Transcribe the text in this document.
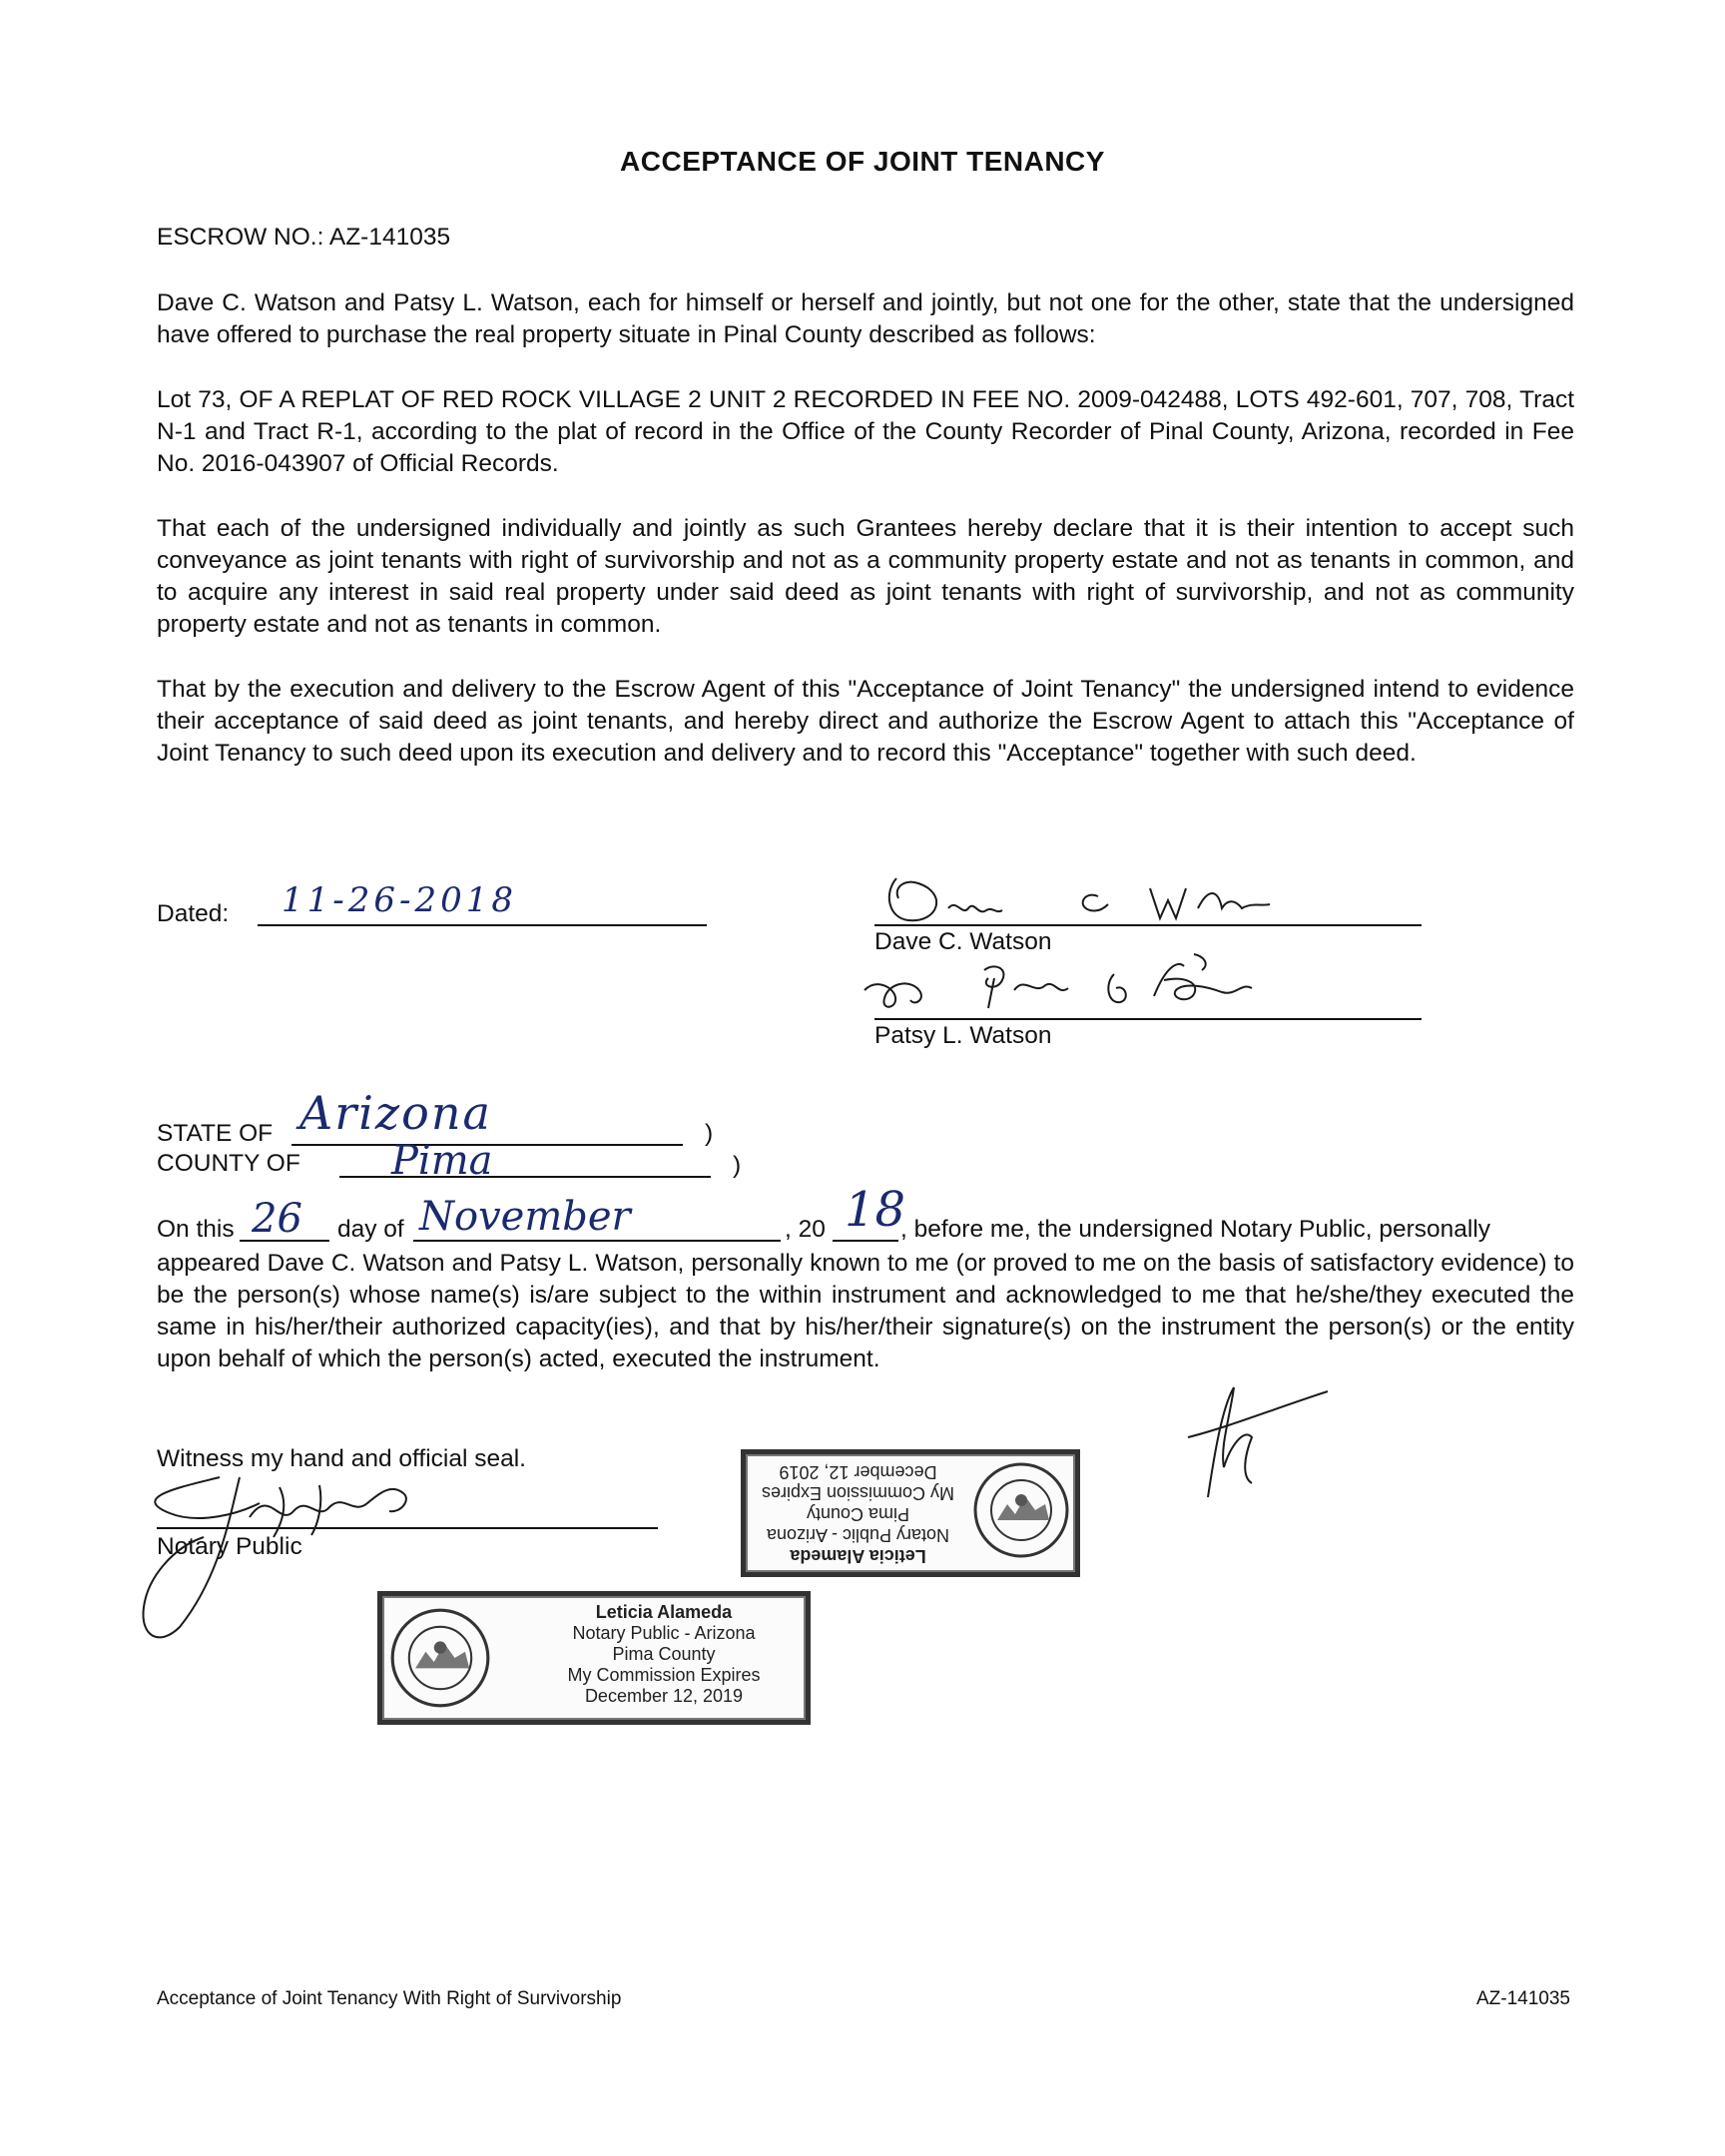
ACCEPTANCE OF JOINT TENANCY
ESCROW NO.: AZ-141035
Dave C. Watson and Patsy L. Watson, each for himself or herself and jointly, but not one for the other, state that the undersigned have offered to purchase the real property situate in Pinal County described as follows:
Lot 73, OF A REPLAT OF RED ROCK VILLAGE 2 UNIT 2 RECORDED IN FEE NO. 2009-042488, LOTS 492-601, 707, 708, Tract N-1 and Tract R-1, according to the plat of record in the Office of the County Recorder of Pinal County, Arizona, recorded in Fee No. 2016-043907 of Official Records.
That each of the undersigned individually and jointly as such Grantees hereby declare that it is their intention to accept such conveyance as joint tenants with right of survivorship and not as a community property estate and not as tenants in common, and to acquire any interest in said real property under said deed as joint tenants with right of survivorship, and not as community property estate and not as tenants in common.
That by the execution and delivery to the Escrow Agent of this "Acceptance of Joint Tenancy" the undersigned intend to evidence their acceptance of said deed as joint tenants, and hereby direct and authorize the Escrow Agent to attach this "Acceptance of Joint Tenancy to such deed upon its execution and delivery and to record this "Acceptance" together with such deed.
Dated: 11-26-2018
Dave C. Watson
Patsy L. Watson
STATE OF Arizona	)
COUNTY OF Pima	)
On this 26 day of November	, 20 18
, before me, the undersigned Notary Public, personally
appeared Dave C. Watson and Patsy L. Watson, personally known to me (or proved to me on the basis of satisfactory evidence) to be the person(s) whose name(s) is/are subject to the within instrument and acknowledged to me that he/she/they executed the same in his/her/their authorized capacity(ies), and that by his/her/their signature(s) on the instrument the person(s) or the entity upon behalf of which the person(s) acted, executed the instrument.
Witness my hand and official seal.
Notary Public	Leticia Alameda
Notary Public - Arizona
Pima County
My Commission Expires
December 12, 2019
Leticia Alameda
Notary Public - Arizona
Pima County
My Commission Expires
December 12, 2019
Acceptance of Joint Tenancy With Right of Survivorship	AZ-141035
